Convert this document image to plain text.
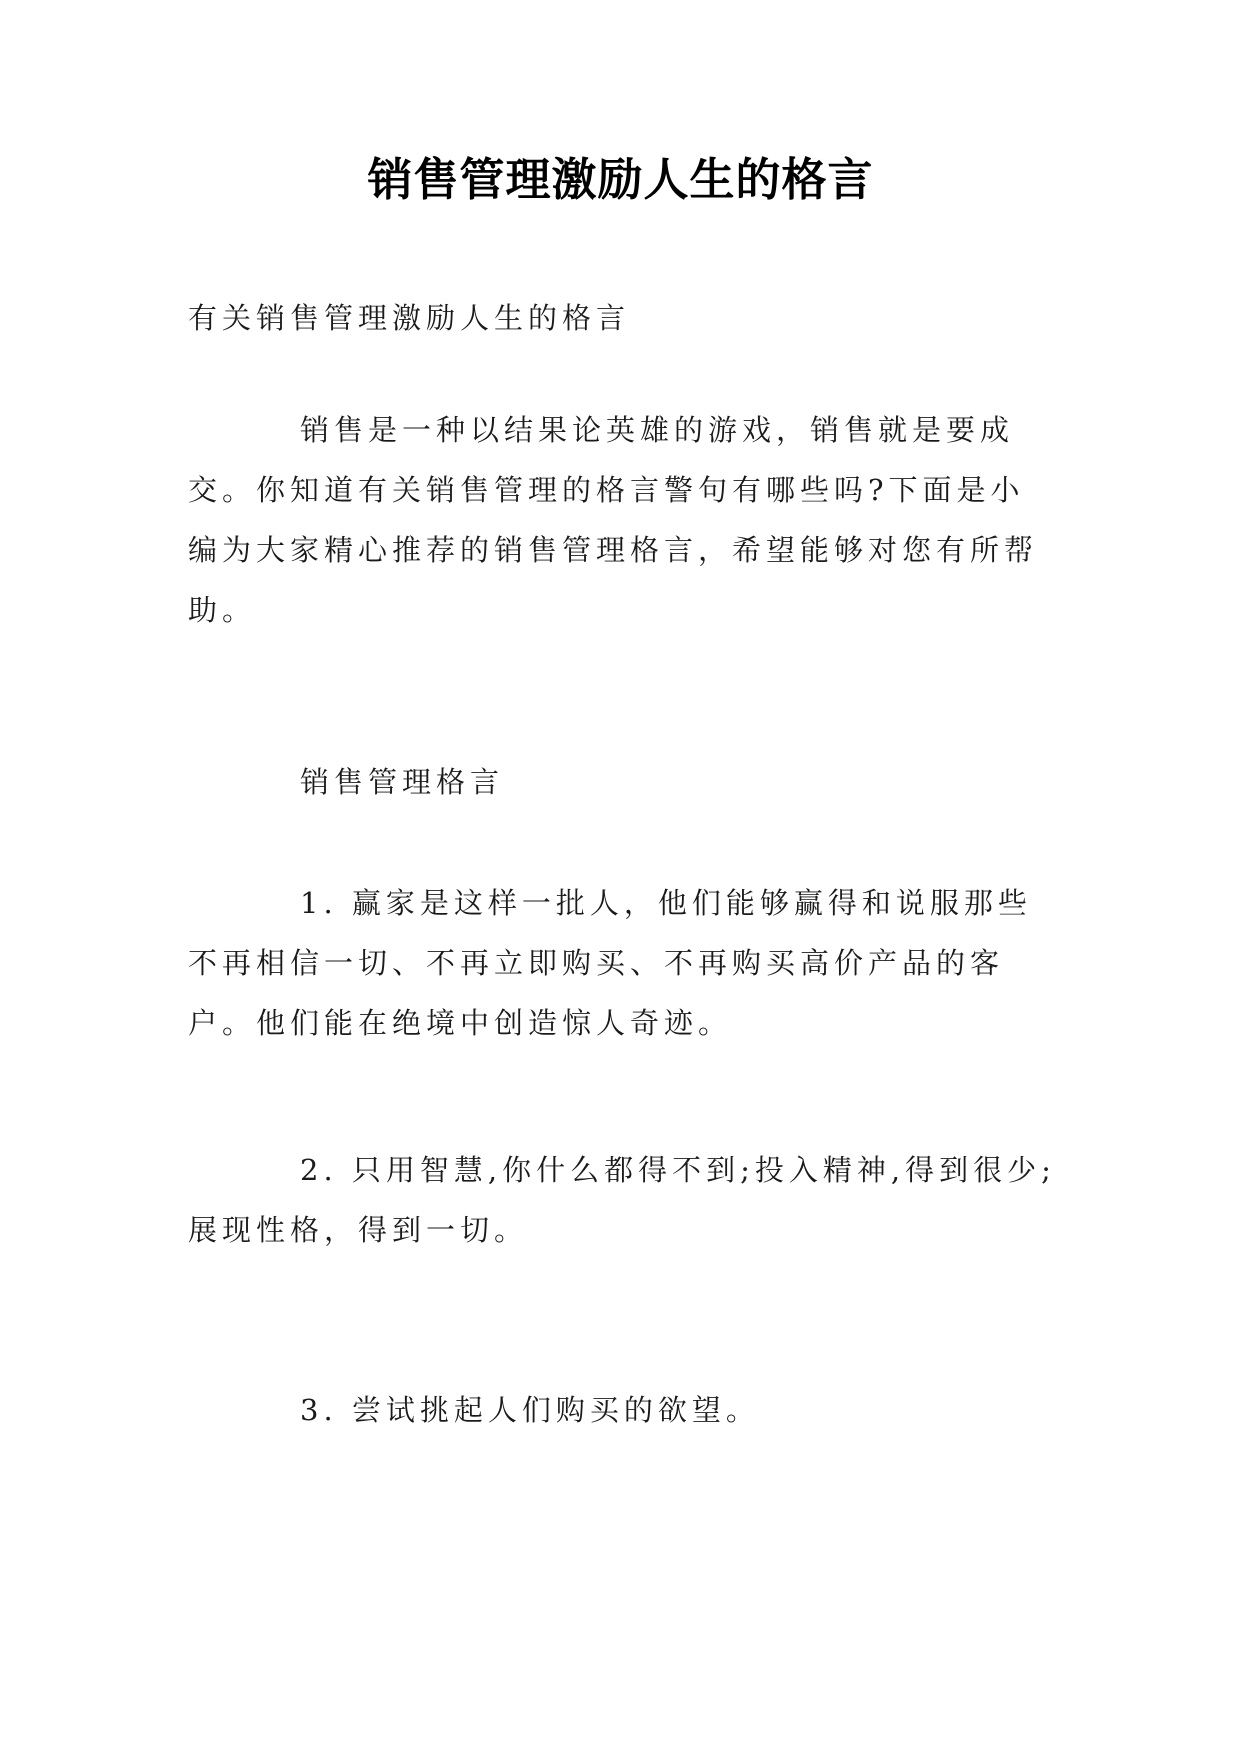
销售管理激励人生的格言
有关销售管理激励人生的格言
销售是一种以结果论英雄的游戏，销售就是要成交。你知道有关销售管理的格言警句有哪些吗?下面是小编为大家精心推荐的销售管理格言，希望能够对您有所帮助。
销售管理格言
1. 赢家是这样一批人，他们能够赢得和说服那些不再相信一切、不再立即购买、不再购买高价产品的客户。他们能在绝境中创造惊人奇迹。
2. 只用智慧,你什么都得不到;投入精神,得到很少;展现性格，得到一切。
3. 尝试挑起人们购买的欲望。
